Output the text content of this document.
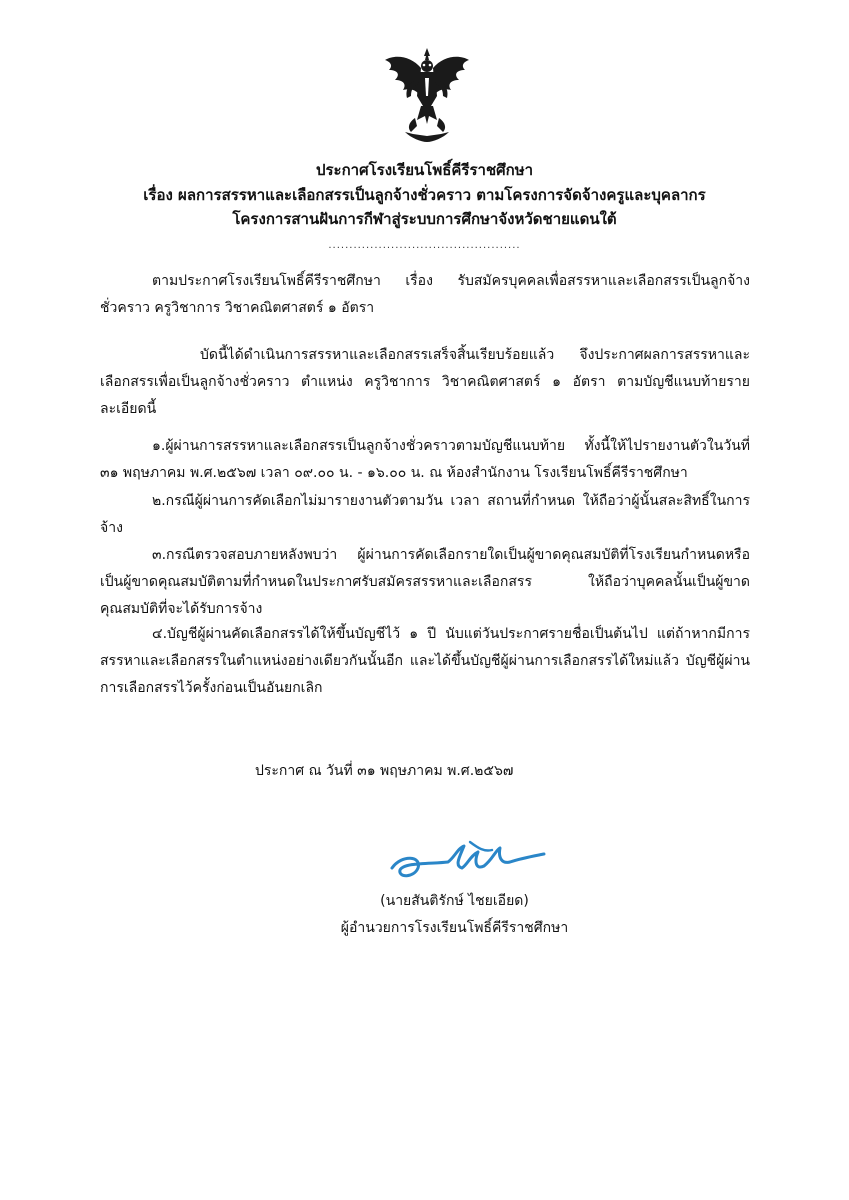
ประกาศโรงเรียนโพธิ์คีรีราชศึกษา
เรื่อง ผลการสรรหาและเลือกสรรเป็นลูกจ้างชั่วคราว ตามโครงการจัดจ้างครูและบุคลากร
โครงการสานฝันการกีฬาสู่ระบบการศึกษาจังหวัดชายแดนใต้
..............................................

ตามประกาศโรงเรียนโพธิ์คีรีราชศึกษา เรื่อง รับสมัครบุคคลเพื่อสรรหาและเลือกสรรเป็นลูกจ้างชั่วคราว ครูวิชาการ วิชาคณิตศาสตร์ ๑ อัตรา

บัดนี้ได้ดำเนินการสรรหาและเลือกสรรเสร็จสิ้นเรียบร้อยแล้ว จึงประกาศผลการสรรหาและเลือกสรรเพื่อเป็นลูกจ้างชั่วคราว ตำแหน่ง ครูวิชาการ วิชาคณิตศาสตร์ ๑ อัตรา ตามบัญชีแนบท้ายรายละเอียดนี้

๑.ผู้ผ่านการสรรหาและเลือกสรรเป็นลูกจ้างชั่วคราวตามบัญชีแนบท้าย ทั้งนี้ให้ไปรายงานตัวในวันที่ ๓๑ พฤษภาคม พ.ศ.๒๕๖๗ เวลา ๐๙.๐๐ น. - ๑๖.๐๐ น. ณ ห้องสำนักงาน โรงเรียนโพธิ์คีรีราชศึกษา

๒.กรณีผู้ผ่านการคัดเลือกไม่มารายงานตัวตามวัน เวลา สถานที่กำหนด ให้ถือว่าผู้นั้นสละสิทธิ์ในการจ้าง

๓.กรณีตรวจสอบภายหลังพบว่า ผู้ผ่านการคัดเลือกรายใดเป็นผู้ขาดคุณสมบัติที่โรงเรียนกำหนดหรือเป็นผู้ขาดคุณสมบัติตามที่กำหนดในประกาศรับสมัครสรรหาและเลือกสรร ให้ถือว่าบุคคลนั้นเป็นผู้ขาดคุณสมบัติที่จะได้รับการจ้าง

๔.บัญชีผู้ผ่านคัดเลือกสรรได้ให้ขึ้นบัญชีไว้ ๑ ปี นับแต่วันประกาศรายชื่อเป็นต้นไป แต่ถ้าหากมีการสรรหาและเลือกสรรในตำแหน่งอย่างเดียวกันนั้นอีก และได้ขึ้นบัญชีผู้ผ่านการเลือกสรรได้ใหม่แล้ว บัญชีผู้ผ่านการเลือกสรรไว้ครั้งก่อนเป็นอันยกเลิก

ประกาศ ณ วันที่ ๓๑ พฤษภาคม พ.ศ.๒๕๖๗
(นายสันติรักษ์ ไชยเอียด)
ผู้อำนวยการโรงเรียนโพธิ์คีรีราชศึกษา
